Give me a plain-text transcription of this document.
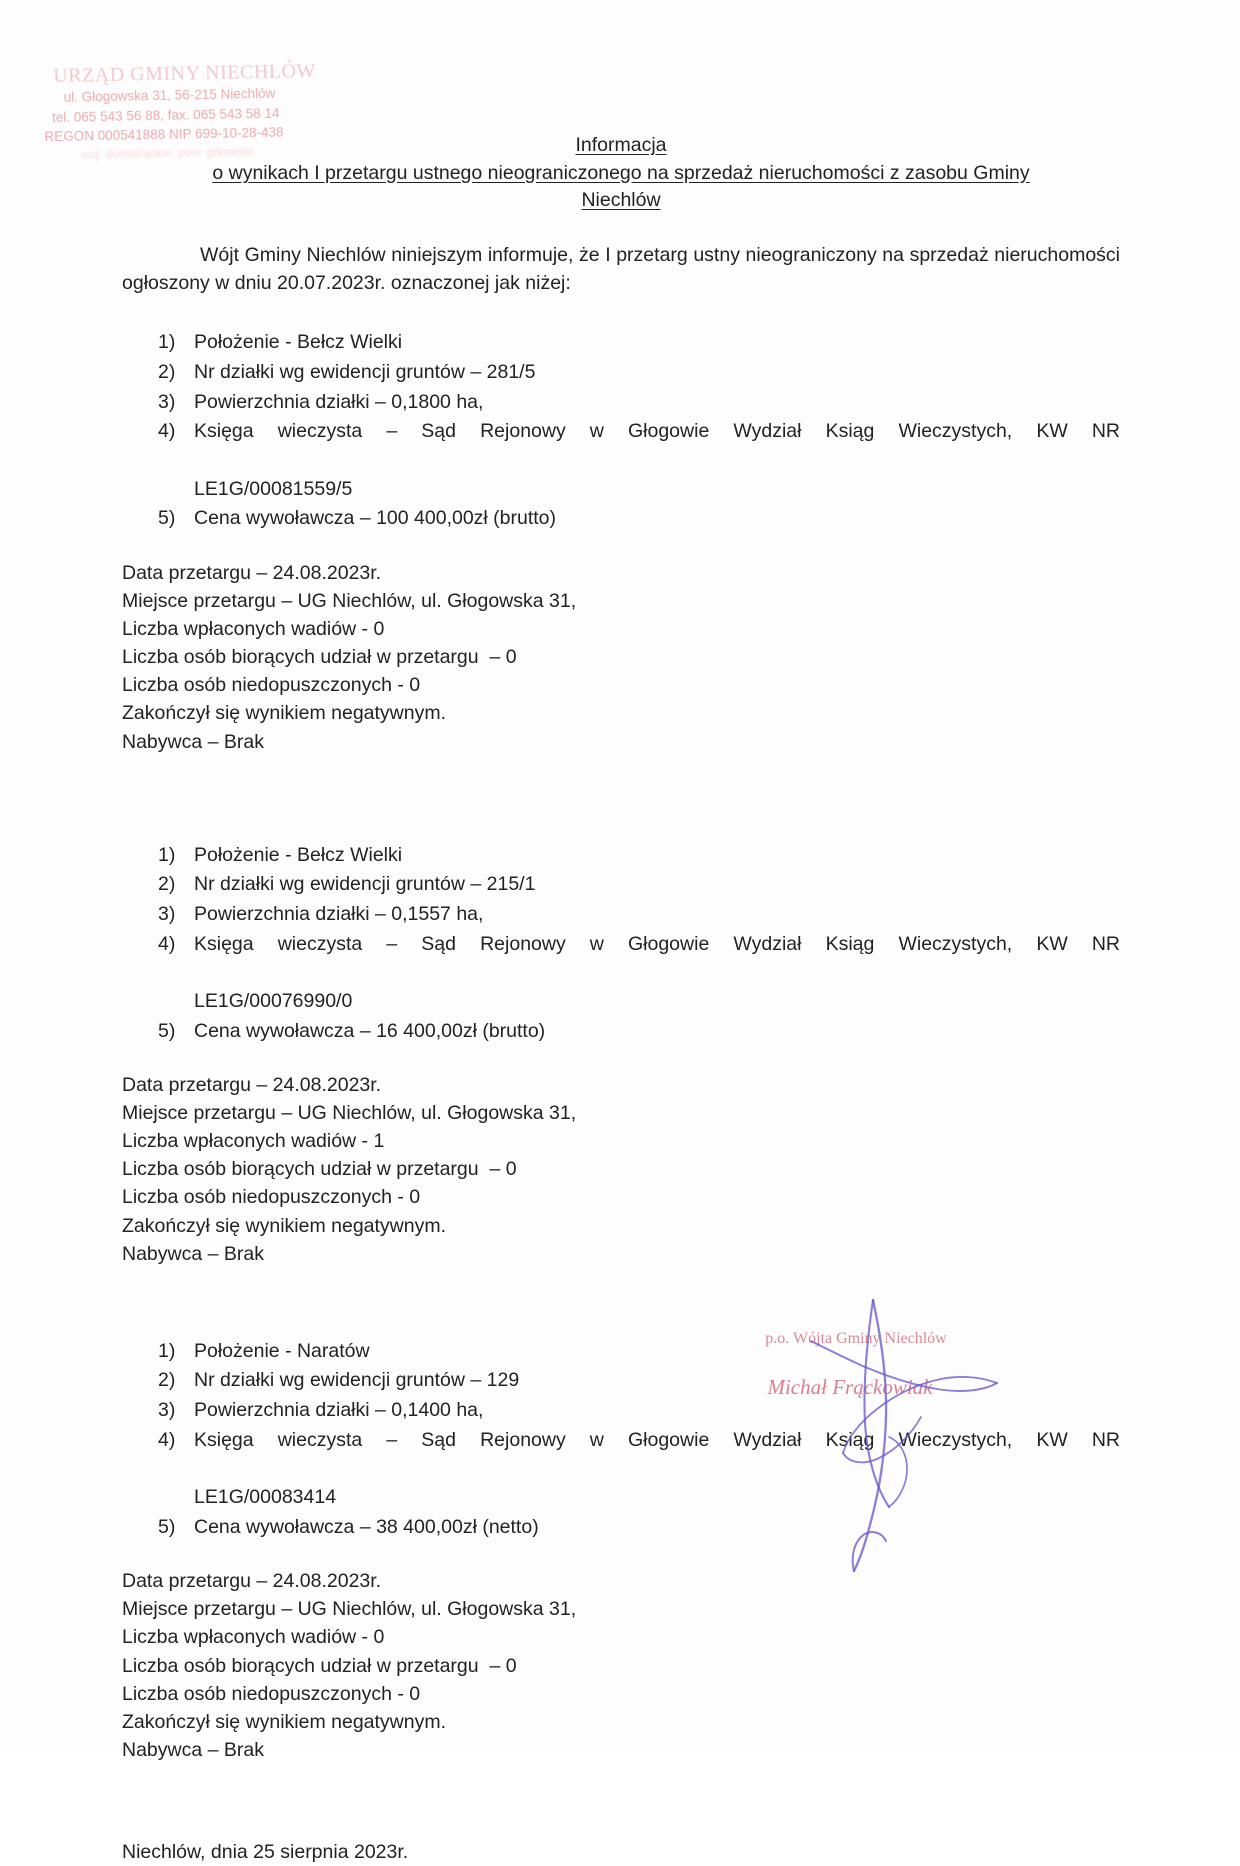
URZĄD GMINY NIECHLÓW
ul. Głogowska 31, 56-215 Niechlów
tel. 065 543 56 88, fax. 065 543 58 14
REGON 000541888 NIP 699-10-28-438
woj. dolnośląskie, pow. górowski	Informacja
o wynikach I przetargu ustnego nieograniczonego na sprzedaż nieruchomości z zasobu Gminy
Niechlów

Wójt Gminy Niechlów niniejszym informuje, że I przetarg ustny nieograniczony na sprzedaż nieruchomości ogłoszony w dniu 20.07.2023r. oznaczonej jak niżej:

1) Położenie - Bełcz Wielki
2) Nr działki wg ewidencji gruntów – 281/5
3) Powierzchnia działki – 0,1800 ha,
4) Księga wieczysta – Sąd Rejonowy w Głogowie Wydział Ksiąg Wieczystych, KW NR
LE1G/00081559/5
5) Cena wywoławcza – 100 400,00zł (brutto)
Data przetargu – 24.08.2023r.
Miejsce przetargu – UG Niechlów, ul. Głogowska 31,
Liczba wpłaconych wadiów - 0
Liczba osób biorących udział w przetargu  – 0
Liczba osób niedopuszczonych - 0
Zakończył się wynikiem negatywnym.
Nabywca – Brak
1) Położenie - Bełcz Wielki
2) Nr działki wg ewidencji gruntów – 215/1
3) Powierzchnia działki – 0,1557 ha,
4) Księga wieczysta – Sąd Rejonowy w Głogowie Wydział Ksiąg Wieczystych, KW NR
LE1G/00076990/0
5) Cena wywoławcza – 16 400,00zł (brutto)
Data przetargu – 24.08.2023r.
Miejsce przetargu – UG Niechlów, ul. Głogowska 31,
Liczba wpłaconych wadiów - 1
Liczba osób biorących udział w przetargu  – 0
Liczba osób niedopuszczonych - 0
Zakończył się wynikiem negatywnym.
Nabywca – Brak
1) Położenie - Naratów
2) Nr działki wg ewidencji gruntów – 129
3) Powierzchnia działki – 0,1400 ha,
4) Księga wieczysta – Sąd Rejonowy w Głogowie Wydział Ksiąg Wieczystych, KW NR
LE1G/00083414
5) Cena wywoławcza – 38 400,00zł (netto)
Data przetargu – 24.08.2023r.
Miejsce przetargu – UG Niechlów, ul. Głogowska 31,
Liczba wpłaconych wadiów - 0
Liczba osób biorących udział w przetargu  – 0
Liczba osób niedopuszczonych - 0
Zakończył się wynikiem negatywnym.
Nabywca – Brak
Niechlów, dnia 25 sierpnia 2023r.
p.o. Wójta Gminy Niechlów
Michał Frąckowiak
